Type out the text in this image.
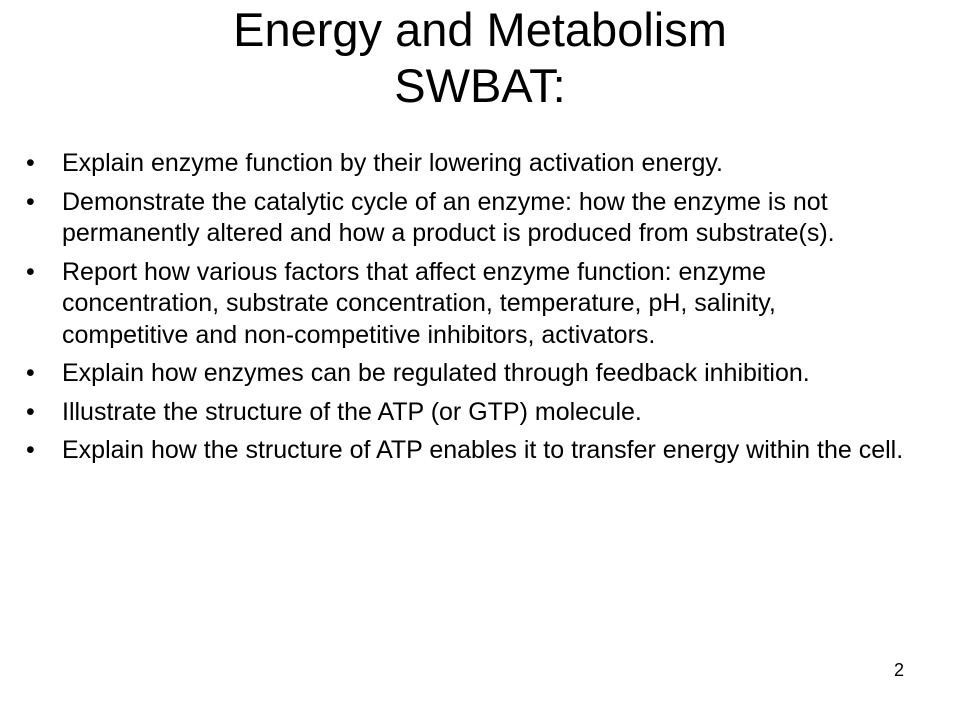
Energy and Metabolism
SWBAT:
•	Explain enzyme function by their lowering activation energy.
•	Demonstrate the catalytic cycle of an enzyme: how the enzyme is not permanently altered and how a product is produced from substrate(s).
•	Report how various factors that affect enzyme function: enzyme concentration, substrate concentration, temperature, pH, salinity, competitive and non-competitive inhibitors, activators.
•	Explain how enzymes can be regulated through feedback inhibition.
•	Illustrate the structure of the ATP (or GTP) molecule.
•	Explain how the structure of ATP enables it to transfer energy within the cell.
2
